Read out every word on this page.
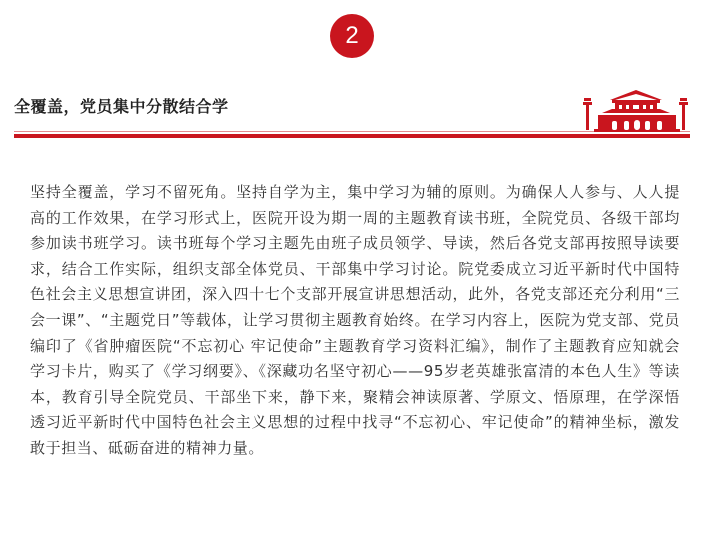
2
全覆盖，党员集中分散结合学
坚持全覆盖，学习不留死角。坚持自学为主，集中学习为辅的原则。为确保人人参与、人人提高的工作效果，在学习形式上，医院开设为期一周的主题教育读书班，全院党员、各级干部均参加读书班学习。读书班每个学习主题先由班子成员领学、导读，然后各党支部再按照导读要求，结合工作实际，组织支部全体党员、干部集中学习讨论。院党委成立习近平新时代中国特色社会主义思想宣讲团，深入四十七个支部开展宣讲思想活动，此外，各党支部还充分利用“三会一课”、“主题党日”等载体，让学习贯彻主题教育始终。在学习内容上，医院为党支部、党员编印了《省肿瘤医院“不忘初心 牢记使命”主题教育学习资料汇编》，制作了主题教育应知就会学习卡片，购买了《学习纲要》、《深藏功名坚守初心——95岁老英雄张富清的本色人生》等读本，教育引导全院党员、干部坐下来，静下来，聚精会神读原著、学原文、悟原理，在学深悟透习近平新时代中国特色社会主义思想的过程中找寻“不忘初心、牢记使命”的精神坐标，激发敢于担当、砥砺奋进的精神力量。
